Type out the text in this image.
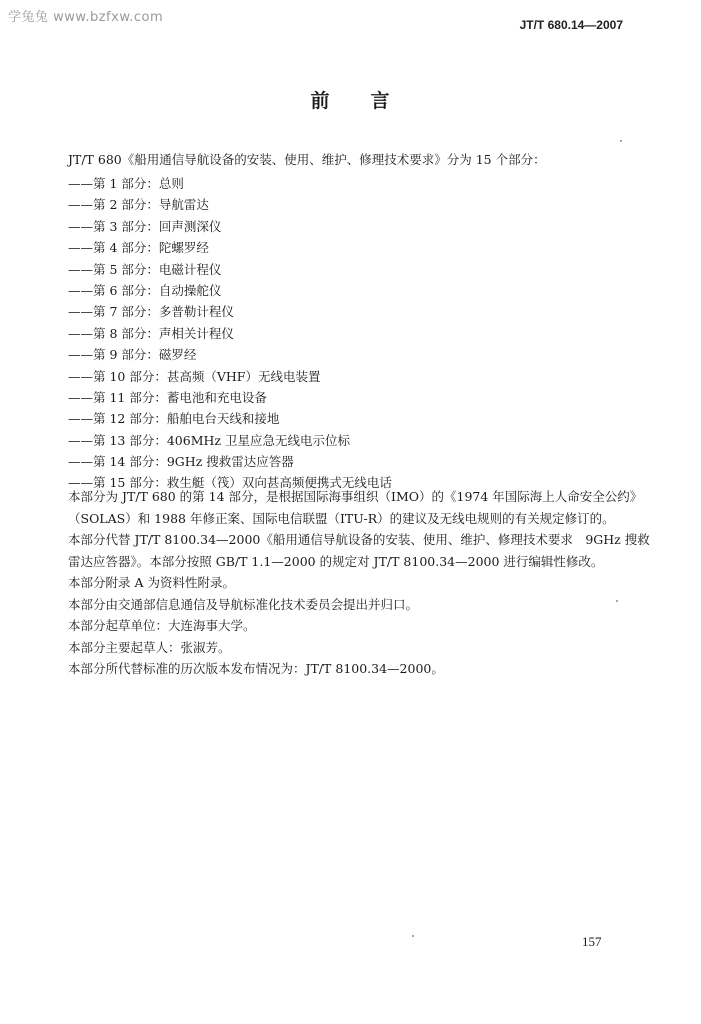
学兔兔 www.bzfxw.com	JT/T 680.14—2007
前　　言
JT/T 680《船用通信导航设备的安装、使用、维护、修理技术要求》分为 15 个部分：
——第 1 部分：总则
——第 2 部分：导航雷达
——第 3 部分：回声测深仪
——第 4 部分：陀螺罗经
——第 5 部分：电磁计程仪
——第 6 部分：自动操舵仪
——第 7 部分：多普勒计程仪
——第 8 部分：声相关计程仪
——第 9 部分：磁罗经
——第 10 部分：甚高频（VHF）无线电装置
——第 11 部分：蓄电池和充电设备
——第 12 部分：船舶电台天线和接地
——第 13 部分：406MHz 卫星应急无线电示位标
——第 14 部分：9GHz 搜救雷达应答器
——第 15 部分：救生艇（筏）双向甚高频便携式无线电话

本部分为 JT/T 680 的第 14 部分，是根据国际海事组织（IMO）的《1974 年国际海上人命安全公约》

（SOLAS）和 1988 年修正案、国际电信联盟（ITU-R）的建议及无线电规则的有关规定修订的。

本部分代替 JT/T 8100.34—2000《船用通信导航设备的安装、使用、维护、修理技术要求　9GHz 搜救

雷达应答器》。本部分按照 GB/T 1.1—2000 的规定对 JT/T 8100.34—2000 进行编辑性修改。

本部分附录 A 为资料性附录。

本部分由交通部信息通信及导航标准化技术委员会提出并归口。

本部分起草单位：大连海事大学。

本部分主要起草人：张淑芳。

本部分所代替标准的历次版本发布情况为：JT/T 8100.34—2000。

157
